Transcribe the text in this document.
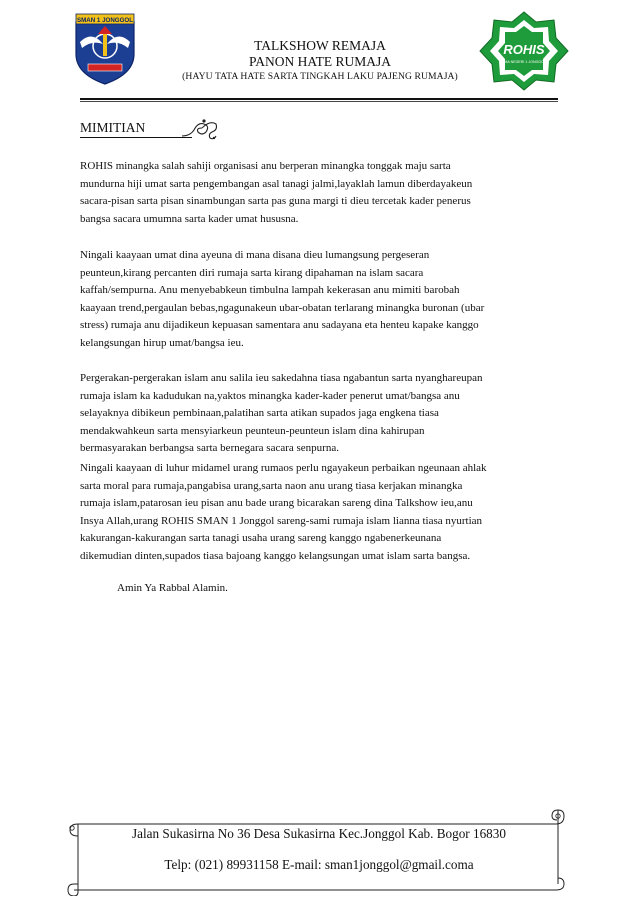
SMAN 1 JONGGOL
ROHIS
SMA NEGERI 1 JONGGOL
TALKSHOW REMAJA
PANON HATE RUMAJA
(HAYU TATA HATE SARTA TINGKAH LAKU PAJENG RUMAJA)
MIMITIAN
ROHIS minangka salah sahiji organisasi anu berperan minangka tonggak maju sarta
mundurna hiji umat sarta pengembangan asal tanagi jalmi,layaklah lamun diberdayakeun
sacara-pisan sarta pisan sinambungan sarta pas guna margi ti dieu tercetak kader penerus
bangsa sacara umumna sarta kader umat hususna.
Ningali kaayaan umat dina ayeuna di mana disana dieu lumangsung pergeseran
peunteun,kirang percanten diri rumaja sarta kirang dipahaman na islam sacara
kaffah/sempurna. Anu menyebabkeun timbulna lampah kekerasan anu mimiti barobah
kaayaan trend,pergaulan bebas,ngagunakeun ubar-obatan terlarang minangka buronan (ubar
stress) rumaja anu dijadikeun kepuasan samentara anu sadayana eta henteu kapake kanggo
kelangsungan hirup umat/bangsa ieu.
Pergerakan-pergerakan islam anu salila ieu sakedahna tiasa ngabantun sarta nyanghareupan
rumaja islam ka kadudukan na,yaktos minangka kader-kader penerut umat/bangsa anu
selayaknya dibikeun pembinaan,palatihan sarta atikan supados jaga engkena tiasa
mendakwahkeun sarta mensyiarkeun peunteun-peunteun islam dina kahirupan
bermasyarakan berbangsa sarta bernegara sacara senpurna.
Ningali kaayaan di luhur midamel urang rumaos perlu ngayakeun perbaikan ngeunaan ahlak
sarta moral para rumaja,pangabisa urang,sarta naon anu urang tiasa kerjakan minangka
rumaja islam,patarosan ieu pisan anu bade urang bicarakan sareng dina Talkshow ieu,anu
Insya Allah,urang ROHIS SMAN 1 Jonggol sareng-sami rumaja islam lianna tiasa nyurtian
kakurangan-kakurangan sarta tanagi usaha urang sareng kanggo ngabenerkeunana
dikemudian dinten,supados tiasa bajoang kanggo kelangsungan umat islam sarta bangsa.
Amin Ya Rabbal Alamin.
Jalan Sukasirna No 36 Desa Sukasirna Kec.Jonggol Kab. Bogor 16830
Telp: (021) 89931158 E-mail: sman1jonggol@gmail.coma
